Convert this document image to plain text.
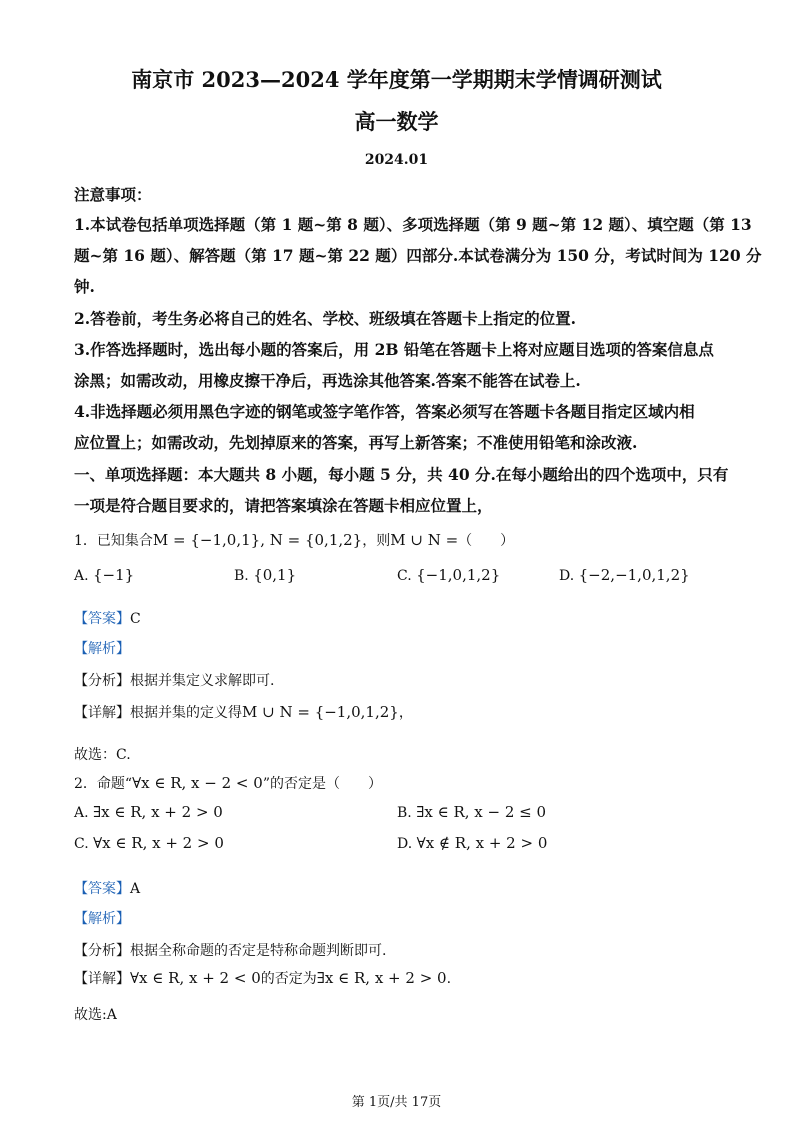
南京市 2023—2024 学年度第一学期期末学情调研测试
高一数学
2024.01
注意事项：
1.本试卷包括单项选择题（第 1 题~第 8 题）、多项选择题（第 9 题~第 12 题）、填空题（第 13
题~第 16 题）、解答题（第 17 题~第 22 题）四部分.本试卷满分为 150 分，考试时间为 120 分
钟.
2.答卷前，考生务必将自己的姓名、学校、班级填在答题卡上指定的位置.
3.作答选择题时，选出每小题的答案后，用 2B 铅笔在答题卡上将对应题目选项的答案信息点
涂黑；如需改动，用橡皮擦干净后，再选涂其他答案.答案不能答在试卷上.
4.非选择题必须用黑色字迹的钢笔或签字笔作答，答案必须写在答题卡各题目指定区域内相
应位置上；如需改动，先划掉原来的答案，再写上新答案；不准使用铅笔和涂改液.
一、单项选择题：本大题共 8 小题，每小题 5 分，共 40 分.在每小题给出的四个选项中，只有
一项是符合题目要求的，请把答案填涂在答题卡相应位置上，
1．已知集合M = {−1,0,1}, N = {0,1,2}，则M ∪ N =（　　）
A. {−1}	B. {0,1}	C. {−1,0,1,2}	D. {−2,−1,0,1,2}
【答案】C
【解析】
【分析】根据并集定义求解即可.
【详解】根据并集的定义得M ∪ N = {−1,0,1,2}，
故选：C.
2．命题“∀x ∈ R, x − 2 < 0”的否定是（　　）
A. ∃x ∈ R, x + 2 > 0	B. ∃x ∈ R, x − 2 ≤ 0
C. ∀x ∈ R, x + 2 > 0	D. ∀x ∉ R, x + 2 > 0
【答案】A
【解析】
【分析】根据全称命题的否定是特称命题判断即可.
【详解】∀x ∈ R, x + 2 < 0的否定为∃x ∈ R, x + 2 > 0.
故选:A
第 1页/共 17页
